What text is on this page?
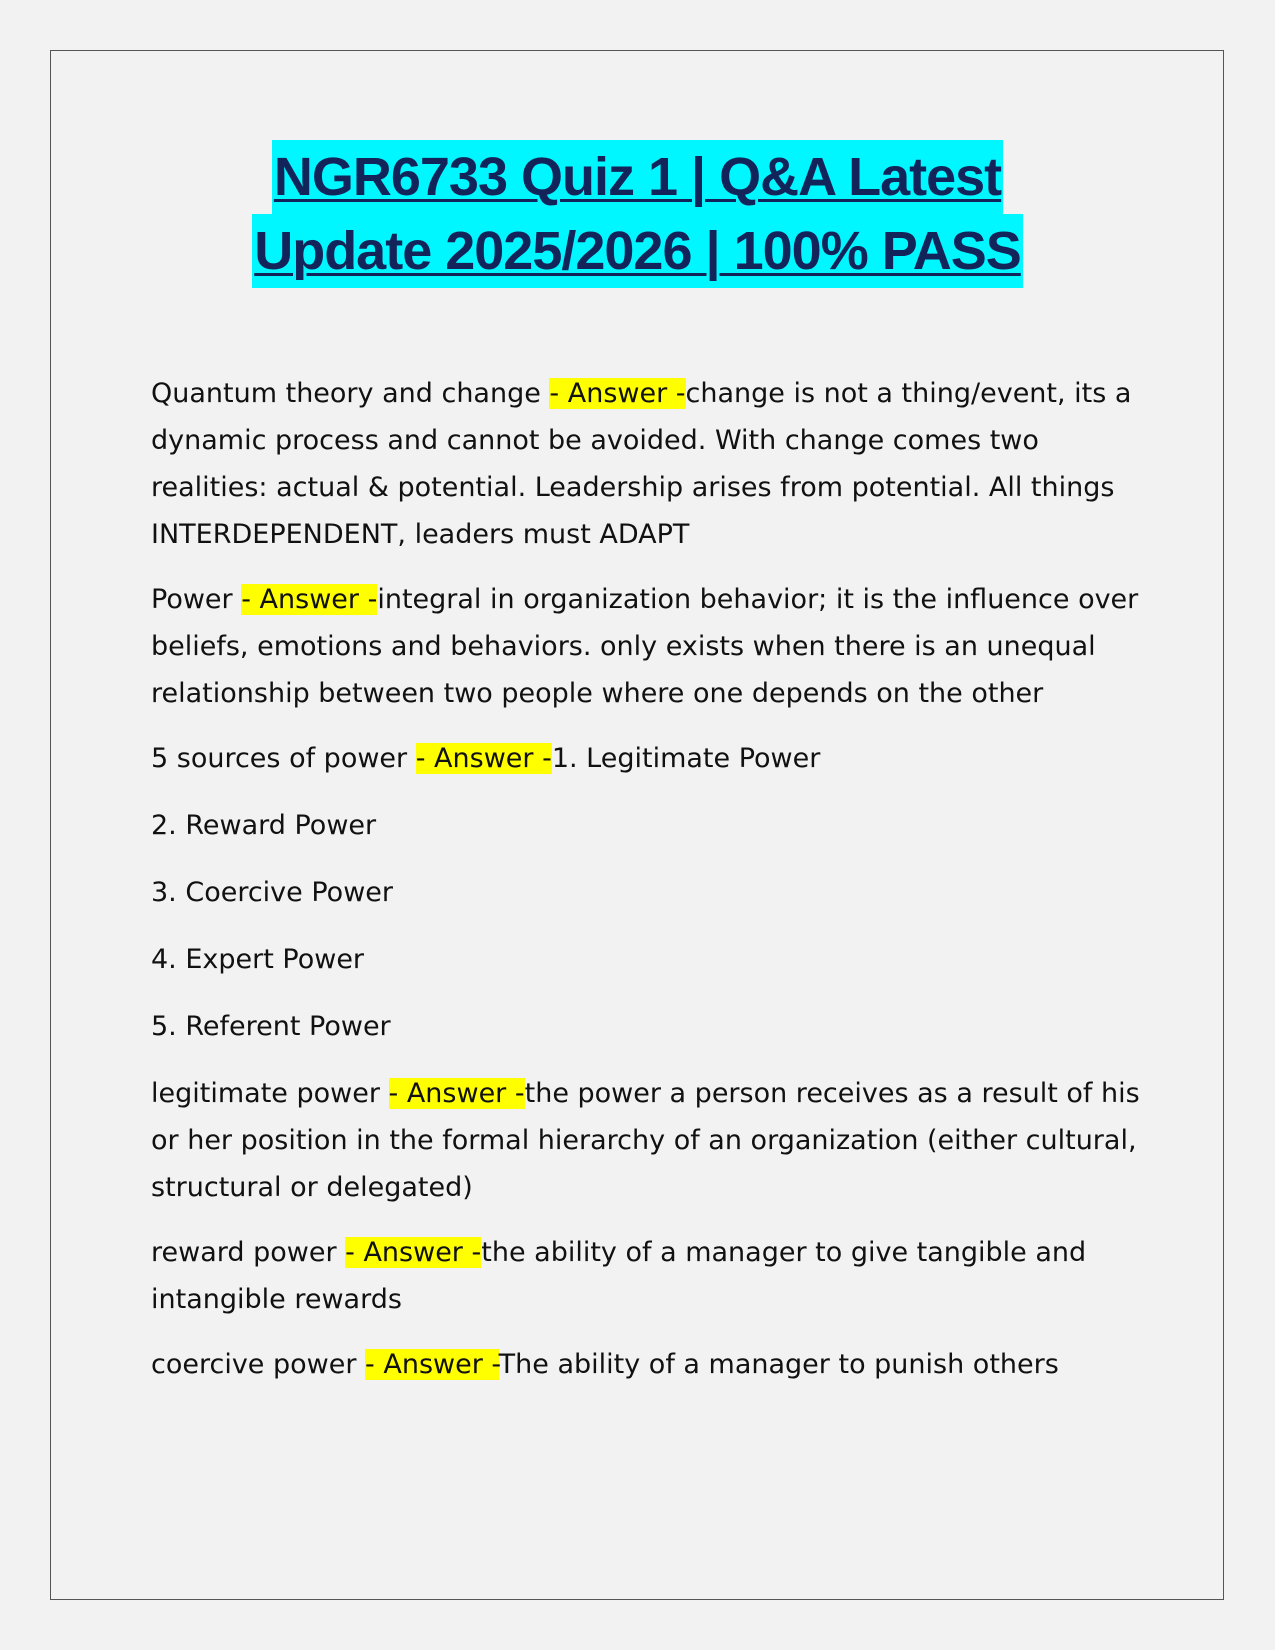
NGR6733 Quiz 1 | Q&A Latest
Update 2025/2026 | 100% PASS

Quantum theory and change - Answer -change is not a thing/event, its a dynamic process and cannot be avoided. With change comes two realities: actual & potential. Leadership arises from potential. All things INTERDEPENDENT, leaders must ADAPT

Power - Answer -integral in organization behavior; it is the influence over beliefs, emotions and behaviors. only exists when there is an unequal relationship between two people where one depends on the other

5 sources of power - Answer -1. Legitimate Power

2. Reward Power

3. Coercive Power

4. Expert Power

5. Referent Power

legitimate power - Answer -the power a person receives as a result of his or her position in the formal hierarchy of an organization (either cultural, structural or delegated)

reward power - Answer -the ability of a manager to give tangible and intangible rewards

coercive power - Answer -The ability of a manager to punish others
